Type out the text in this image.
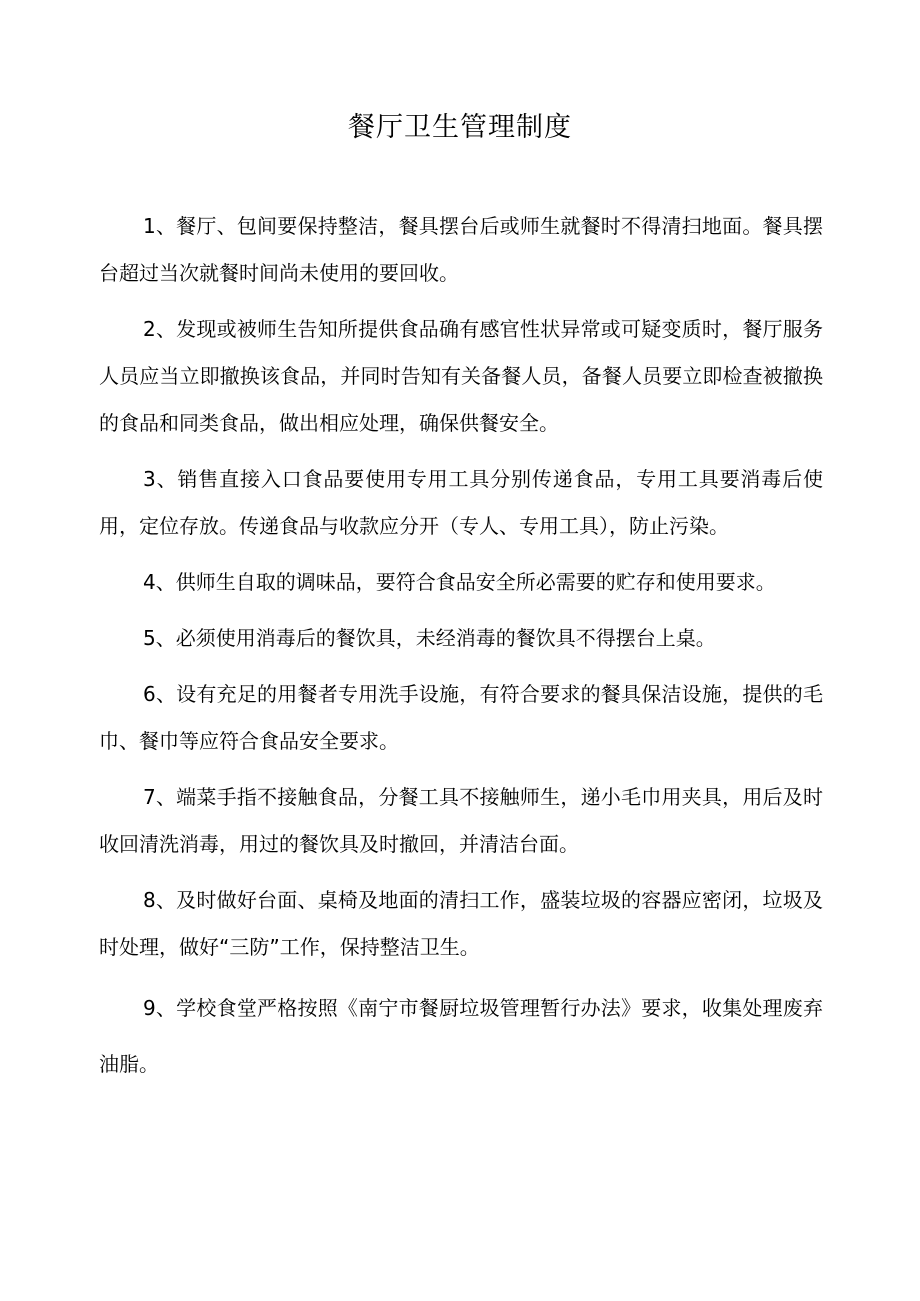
餐厅卫生管理制度

1、餐厅、包间要保持整洁，餐具摆台后或师生就餐时不得清扫地面。餐具摆台超过当次就餐时间尚未使用的要回收。

2、发现或被师生告知所提供食品确有感官性状异常或可疑变质时，餐厅服务人员应当立即撤换该食品，并同时告知有关备餐人员，备餐人员要立即检查被撤换的食品和同类食品，做出相应处理，确保供餐安全。

3、销售直接入口食品要使用专用工具分别传递食品，专用工具要消毒后使用，定位存放。传递食品与收款应分开（专人、专用工具），防止污染。

4、供师生自取的调味品，要符合食品安全所必需要的贮存和使用要求。

5、必须使用消毒后的餐饮具，未经消毒的餐饮具不得摆台上桌。

6、设有充足的用餐者专用洗手设施，有符合要求的餐具保洁设施，提供的毛巾、餐巾等应符合食品安全要求。

7、端菜手指不接触食品，分餐工具不接触师生，递小毛巾用夹具，用后及时收回清洗消毒，用过的餐饮具及时撤回，并清洁台面。

8、及时做好台面、桌椅及地面的清扫工作，盛装垃圾的容器应密闭，垃圾及时处理，做好“三防”工作，保持整洁卫生。

9、学校食堂严格按照《南宁市餐厨垃圾管理暂行办法》要求，收集处理废弃油脂。
